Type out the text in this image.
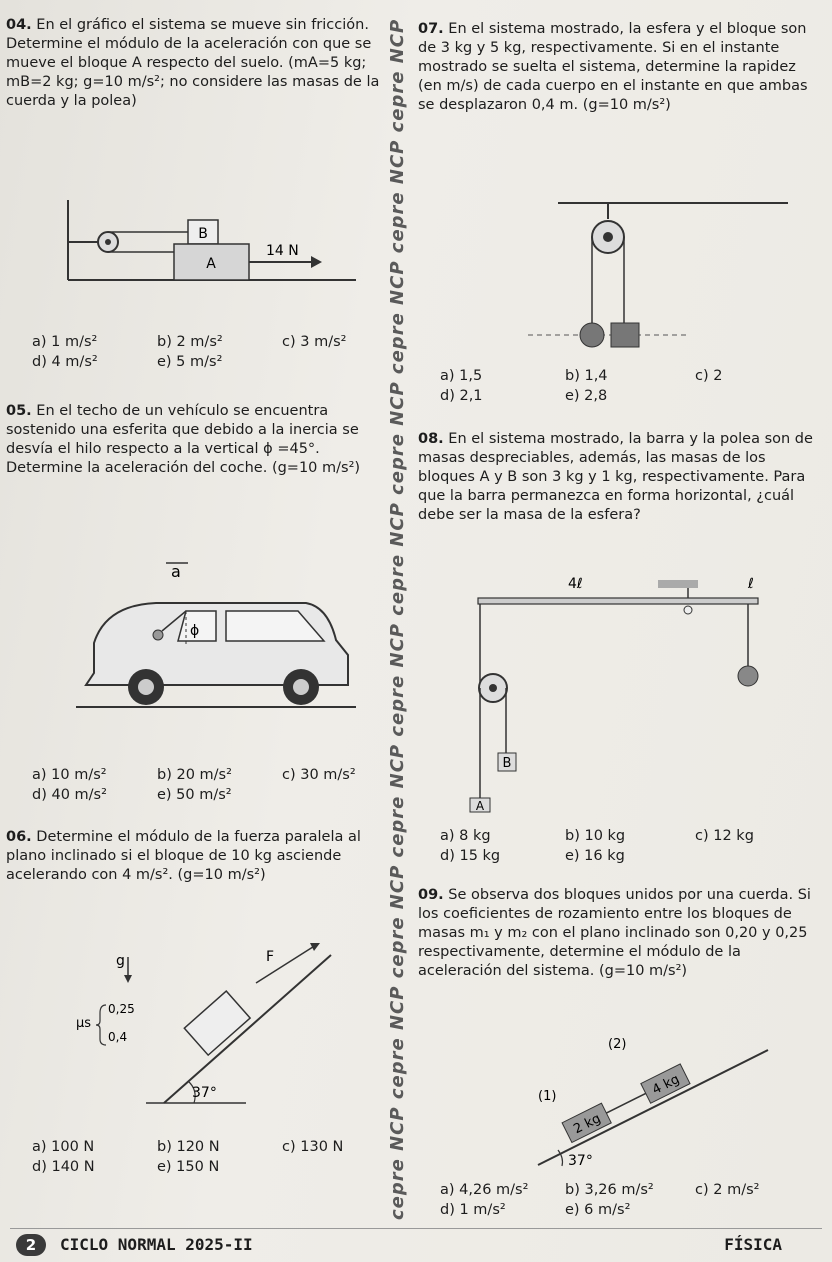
04. En el gráfico el sistema se mueve sin fricción. Determine el módulo de la aceleración con que se mueve el bloque A respecto del suelo. (mA=5 kg; mB=2 kg; g=10 m/s²; no considere las masas de la cuerda y la polea)

B
A
14 N
a) 1 m/s²	b) 2 m/s²	c) 3 m/s²
d) 4 m/s²	e) 5 m/s²

05. En el techo de un vehículo se encuentra sostenido una esferita que debido a la inercia se desvía el hilo respecto a la vertical ϕ =45°. Determine la aceleración del coche. (g=10 m/s²)

a
ϕ
a) 10 m/s²	b) 20 m/s²	c) 30 m/s²
d) 40 m/s²	e) 50 m/s²

06. Determine el módulo de la fuerza paralela al plano inclinado si el bloque de 10 kg asciende acelerando con 4 m/s². (g=10 m/s²)

g	F
μs
0,25
0,4
37°
a) 100 N	b) 120 N	c) 130 N
d) 140 N	e) 150 N	cepre NCP cepre NCP cepre NCP cepre NCP cepre NCP cepre NCP cepre NCP cepre NCP cepre NCP cepre NCP 07. En el sistema mostrado, la esfera y el bloque son de 3 kg y 5 kg, respectivamente. Si en el instante mostrado se suelta el sistema, determine la rapidez (en m/s) de cada cuerpo en el instante en que ambas se desplazaron 0,4 m. (g=10 m/s²)

a) 1,5	b) 1,4	c) 2
d) 2,1	e) 2,8

08. En el sistema mostrado, la barra y la polea son de masas despreciables, además, las masas de los bloques A y B son 3 kg y 1 kg, respectivamente. Para que la barra permanezca en forma horizontal, ¿cuál debe ser la masa de la esfera?

4ℓ	ℓ
B
A
a) 8 kg	b) 10 kg	c) 12 kg
d) 15 kg	e) 16 kg

09. Se observa dos bloques unidos por una cuerda. Si los coeficientes de rozamiento entre los bloques de masas m₁ y m₂ con el plano inclinado son 0,20 y 0,25 respectivamente, determine el módulo de la aceleración del sistema. (g=10 m/s²)

2 kg
4 kg
(1)
(2)
37°
a) 4,26 m/s²	b) 3,26 m/s²	c) 2 m/s²
d) 1 m/s²	e) 6 m/s²
2	CICLO NORMAL 2025-II	FÍSICA
